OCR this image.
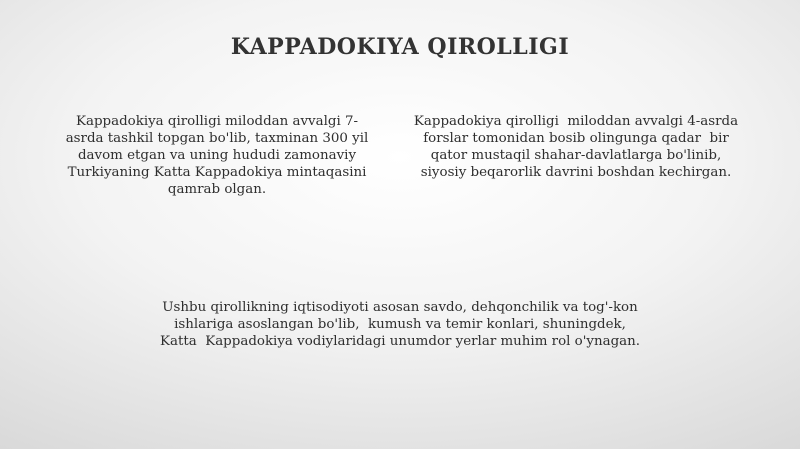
KAPPADOKIYA QIROLLIGI
Kappadokiya qirolligi miloddan avvalgi 7-
asrda tashkil topgan bo'lib, taxminan 300 yil
davom etgan va uning hududi zamonaviy
Turkiyaning Katta Kappadokiya mintaqasini
qamrab olgan.
Kappadokiya qirolligi  miloddan avvalgi 4-asrda
forslar tomonidan bosib olingunga qadar  bir
qator mustaqil shahar-davlatlarga bo'linib,
siyosiy beqarorlik davrini boshdan kechirgan.
Ushbu qirollikning iqtisodiyoti asosan savdo, dehqonchilik va tog'-kon
ishlariga asoslangan bo'lib,  kumush va temir konlari, shuningdek,
Katta  Kappadokiya vodiylaridagi unumdor yerlar muhim rol o'ynagan.
